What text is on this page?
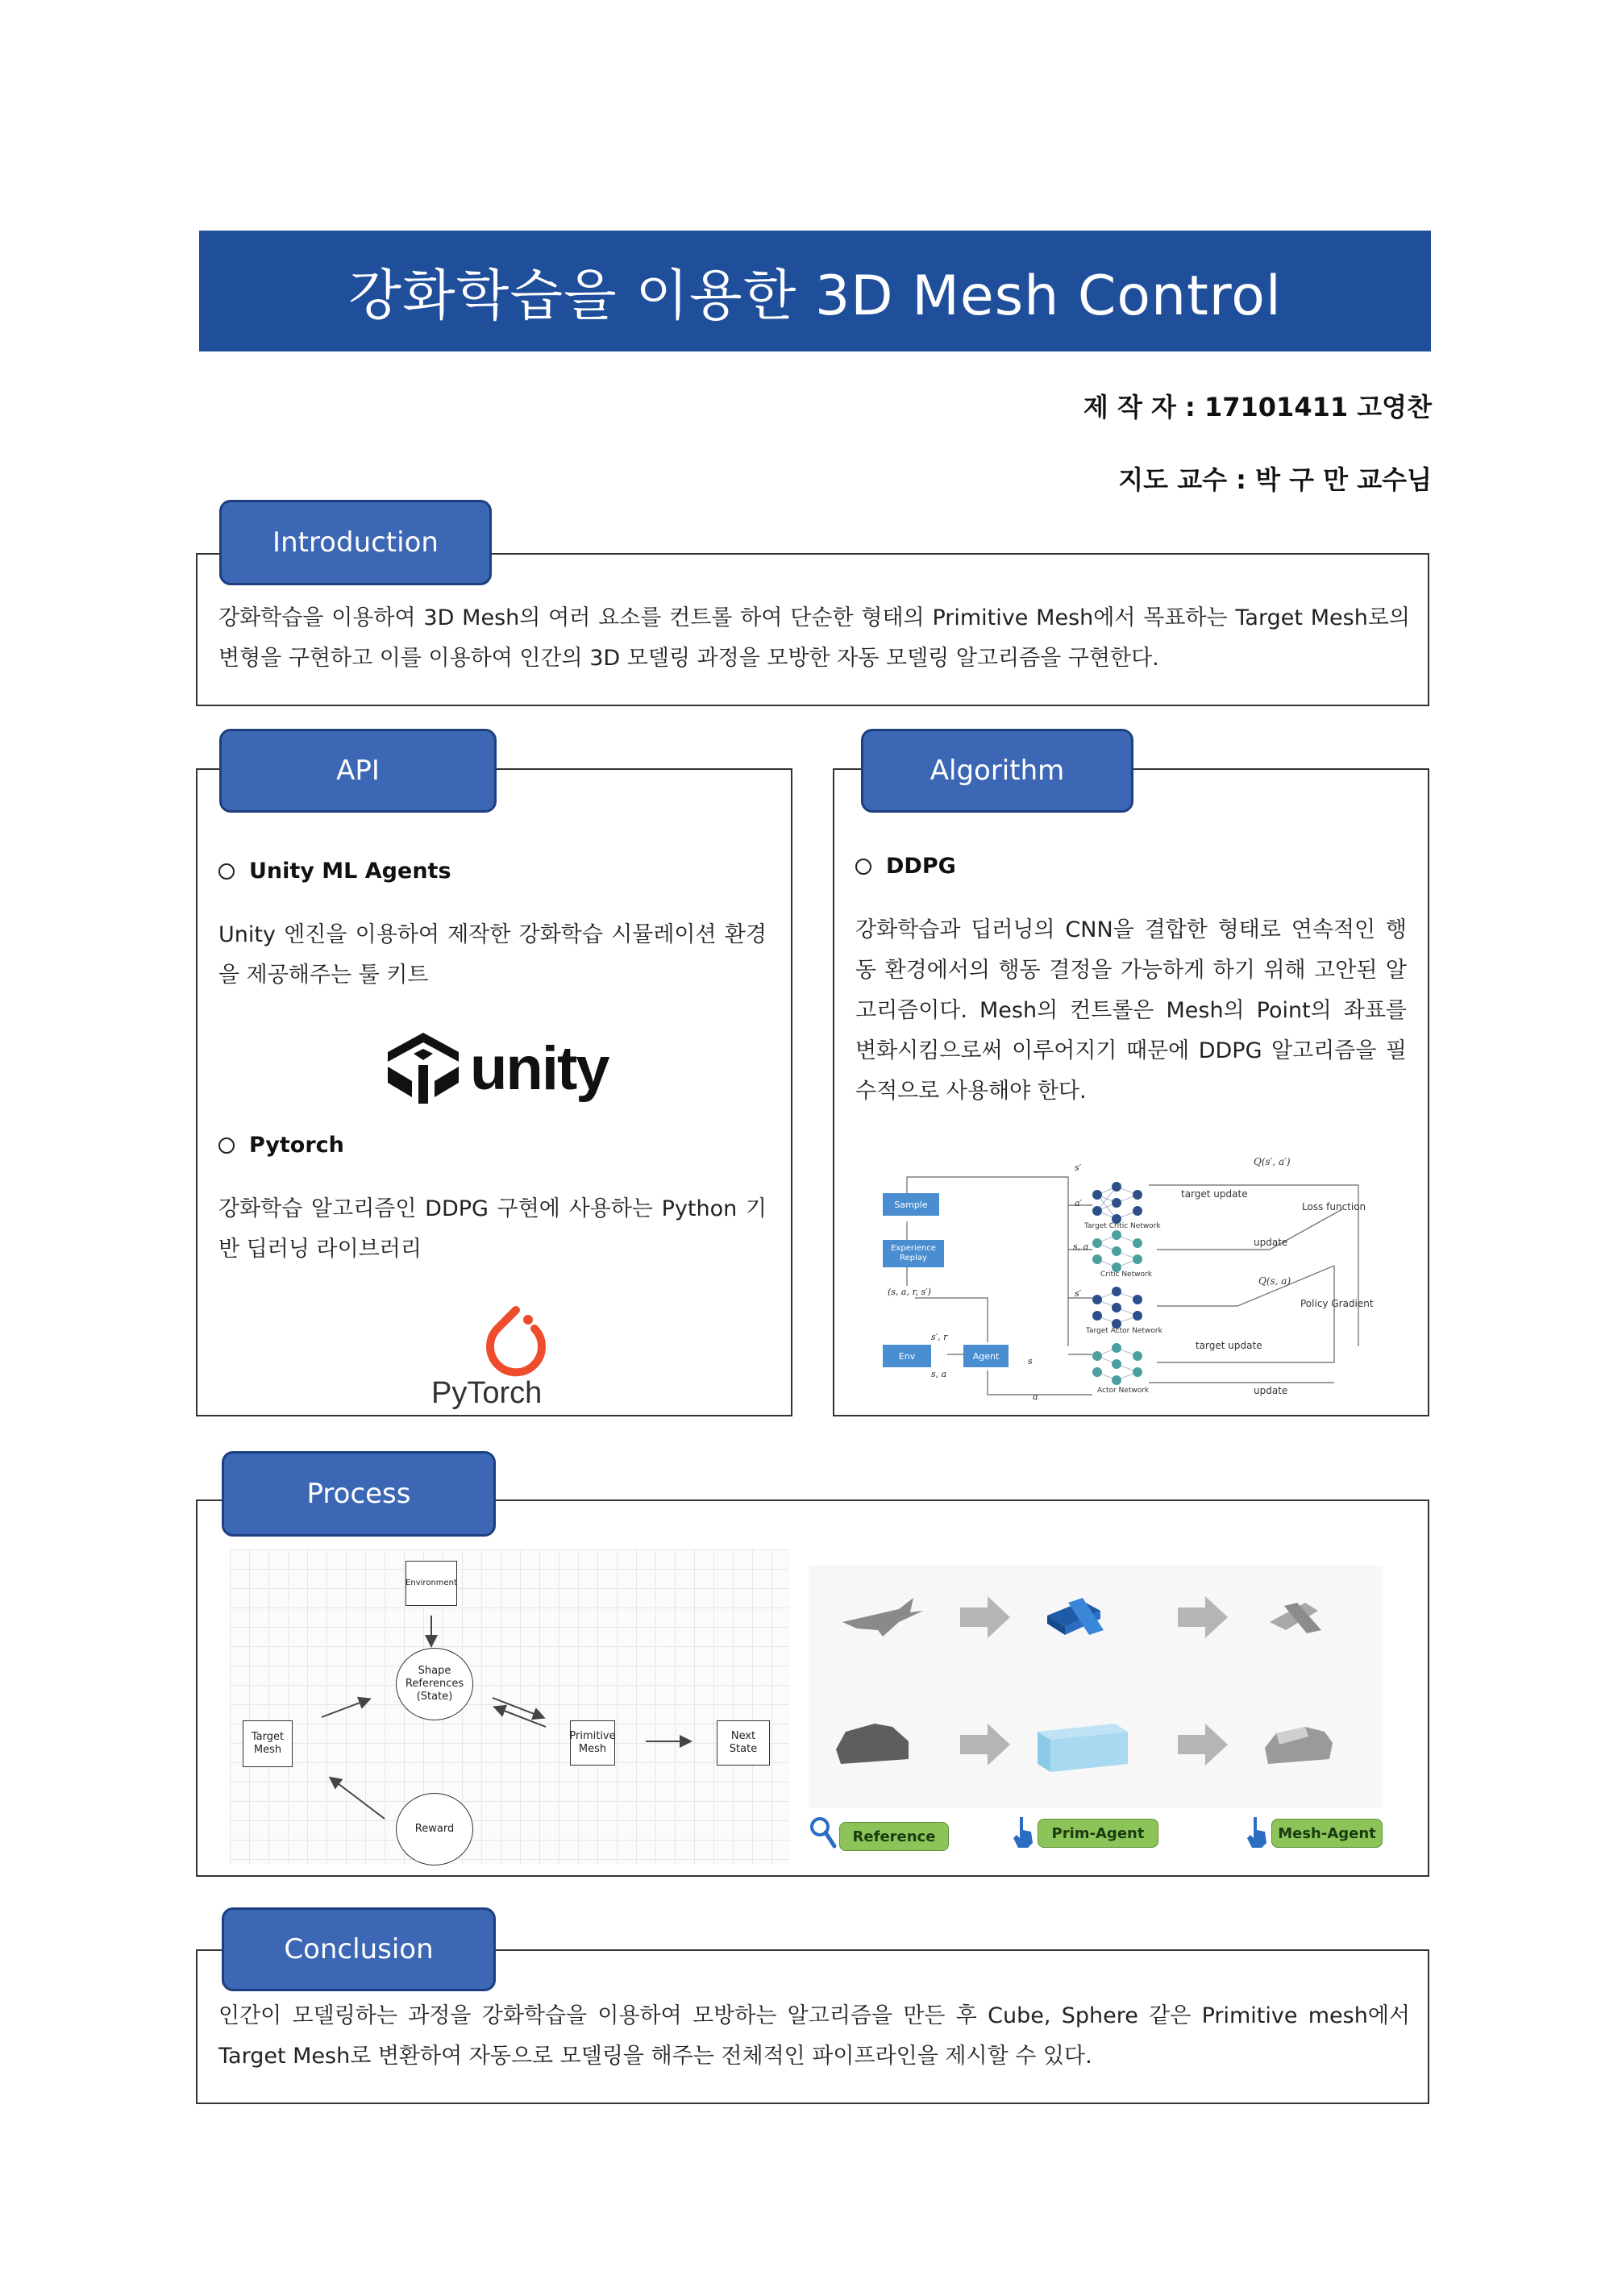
강화학습을 이용한 3D Mesh Control
제 작 자 : 17101411 고영찬
지도 교수 : 박 구 만 교수님
강화학습을 이용하여 3D Mesh의 여러 요소를 컨트롤 하여 단순한 형태의 Primitive Mesh에서 목표하는 Target Mesh로의 변형을 구현하고 이를 이용하여 인간의 3D 모델링 과정을 모방한 자동 모델링 알고리즘을 구현한다.
Introduction
Unity ML Agents
Unity 엔진을 이용하여 제작한 강화학습 시뮬레이션 환경을 제공해주는 툴 키트
unity
Pytorch
강화학습 알고리즘인 DDPG 구현에 사용하는 Python 기반 딥러닝 라이브러리
PyTorch
API
DDPG
강화학습과 딥러닝의 CNN을 결합한 형태로 연속적인 행동 환경에서의 행동 결정을 가능하게 하기 위해 고안된 알고리즘이다. Mesh의 컨트롤은 Mesh의 Point의 좌표를 변화시킴으로써 이루어지기 때문에 DDPG 알고리즘을 필수적으로 사용해야 한다.
Sample
Experience
Replay
Env	Agent
Target Critic Network
Critic Network
Target Actor Network
Actor Network
target update
update
target update
update
Loss function
Policy Gradient
Q(s′, a′)
Q(s, a)
s′
a′
s, a
s′
(s, a, r, s′)
s′, r
s, a
s
a
Algorithm
Environment
Shape
References
(State)
Target
Mesh
Primitive
Mesh
Next
State
Reward	Reference	Prim-Agent	Mesh-Agent
Process
인간이 모델링하는 과정을 강화학습을 이용하여 모방하는 알고리즘을 만든 후 Cube, Sphere 같은 Primitive mesh에서 Target Mesh로 변환하여 자동으로 모델링을 해주는 전체적인 파이프라인을 제시할 수 있다.
Conclusion
